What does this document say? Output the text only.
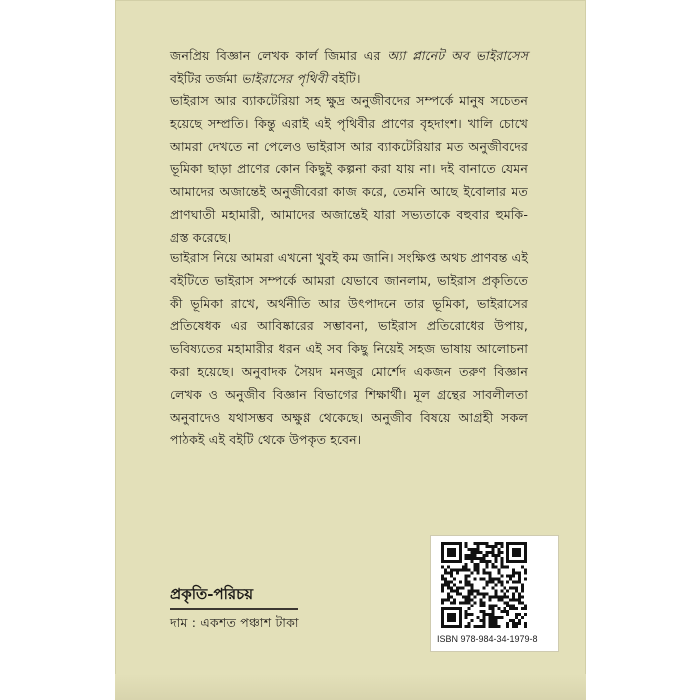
জনপ্রিয় বিজ্ঞান লেখক কার্ল জিমার এর অ্যা প্লানেট অব ভাইরাসেস বইটির তর্জমা ভাইরাসের পৃথিবী বইটি।

ভাইরাস আর ব্যাকটেরিয়া সহ ক্ষুদ্র অনুজীবদের সম্পর্কে মানুষ সচেতন হয়েছে সম্প্রতি। কিন্তু এরাই এই পৃথিবীর প্রাণের বৃহদাংশ। খালি চোখে আমরা দেখতে না পেলেও ভাইরাস আর ব্যাকটেরিয়ার মত অনুজীবদের ভূমিকা ছাড়া প্রাণের কোন কিছুই কল্পনা করা যায় না। দই বানাতে যেমন আমাদের অজান্তেই অনুজীবেরা কাজ করে, তেমনি আছে ইবোলার মত প্রাণঘাতী মহামারী, আমাদের অজান্তেই যারা সভ্যতাকে বহুবার হুমকি-গ্রস্ত করেছে।

ভাইরাস নিয়ে আমরা এখনো খুবই কম জানি। সংক্ষিপ্ত অথচ প্রাণবন্ত এই বইটিতে ভাইরাস সম্পর্কে আমরা যেভাবে জানলাম, ভাইরাস প্রকৃতিতে কী ভূমিকা রাখে, অর্থনীতি আর উৎপাদনে তার ভূমিকা, ভাইরাসের প্রতিষেধক এর আবিষ্কারের সম্ভাবনা, ভাইরাস প্রতিরোধের উপায়, ভবিষ্যতের মহামারীর ধরন এই সব কিছু নিয়েই সহজ ভাষায় আলোচনা করা হয়েছে। অনুবাদক সৈয়দ মনজুর মোর্শেদ একজন তরুণ বিজ্ঞান লেখক ও অনুজীব বিজ্ঞান বিভাগের শিক্ষার্থী। মূল গ্রন্থের সাবলীলতা অনুবাদেও যথাসম্ভব অক্ষুণ্ণ থেকেছে। অনুজীব বিষয়ে আগ্রহী সকল পাঠকই এই বইটি থেকে উপকৃত হবেন।

প্রকৃতি-পরিচয়

দাম : একশত পঞ্চাশ টাকা

ISBN 978-984-34-1979-8
